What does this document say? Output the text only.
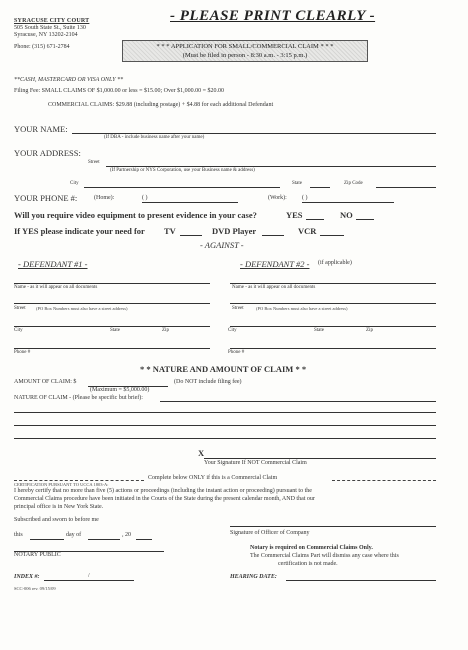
SYRACUSE CITY COURT
505 South State St., Suite 130
Syracuse, NY 13202-2104
Phone: (315) 671-2784
- PLEASE PRINT CLEARLY -
* * * APPLICATION FOR SMALL/COMMERCIAL CLAIM * * *
(Must be filed in person - 8:30 a.m. - 3:15 p.m.)
**CASH, MASTERCARD OR VISA ONLY **
Filing Fee: SMALL CLAIMS OF $1,000.00 or less = $15.00; Over $1,000.00 = $20.00
COMMERCIAL CLAIMS: $29.88 (including postage) + $4.88 for each additional Defendant
YOUR NAME:
(If DBA - include business name after your name)
YOUR ADDRESS:
Street
(If Partnership or NYS Corporation, use your Business name & address)
City	State	Zip Code
YOUR PHONE #:	(Home):	( )	(Work):	( )
Will you require video equipment to present evidence in your case?	YES	NO
If YES please indicate your need for TV	DVD Player	VCR
- AGAINST -
- DEFENDANT #1 -	- DEFENDANT #2 - (if applicable)
Name - as it will appear on all documents	Name - as it will appear on all documents
Street (PO Box Numbers must also have a street address)	Street	(PO Box Numbers must also have a street address)
City	State	Zip	City	State	Zip
Phone #	Phone #
* * NATURE AND AMOUNT OF CLAIM * *
AMOUNT OF CLAIM: $	(Do NOT include filing fee)
(Maximum = $5,000.00)
NATURE OF CLAIM - (Please be specific but brief):
X
Your Signature If NOT Commercial Claim
Complete below ONLY if this is a Commercial Claim
CERTIFICATION PURSUANT TO UCCA 1803-A:
I hereby certify that no more than five (5) actions or proceedings (including the instant action or proceeding) pursuant to the
Commercial Claims procedure have been initiated in the Courts of the State during the present calendar month, AND that our
principal office is in New York State.
Subscribed and sworn to before me
this	day of	, 20	Signature of Officer of Company
NOTARY PUBLIC
Notary is required on Commercial Claims Only.
The Commercial Claims Part will dismiss any case where this
certification is not made.
INDEX #:	/	HEARING DATE:
SCC-006 rev. 09/15/09
